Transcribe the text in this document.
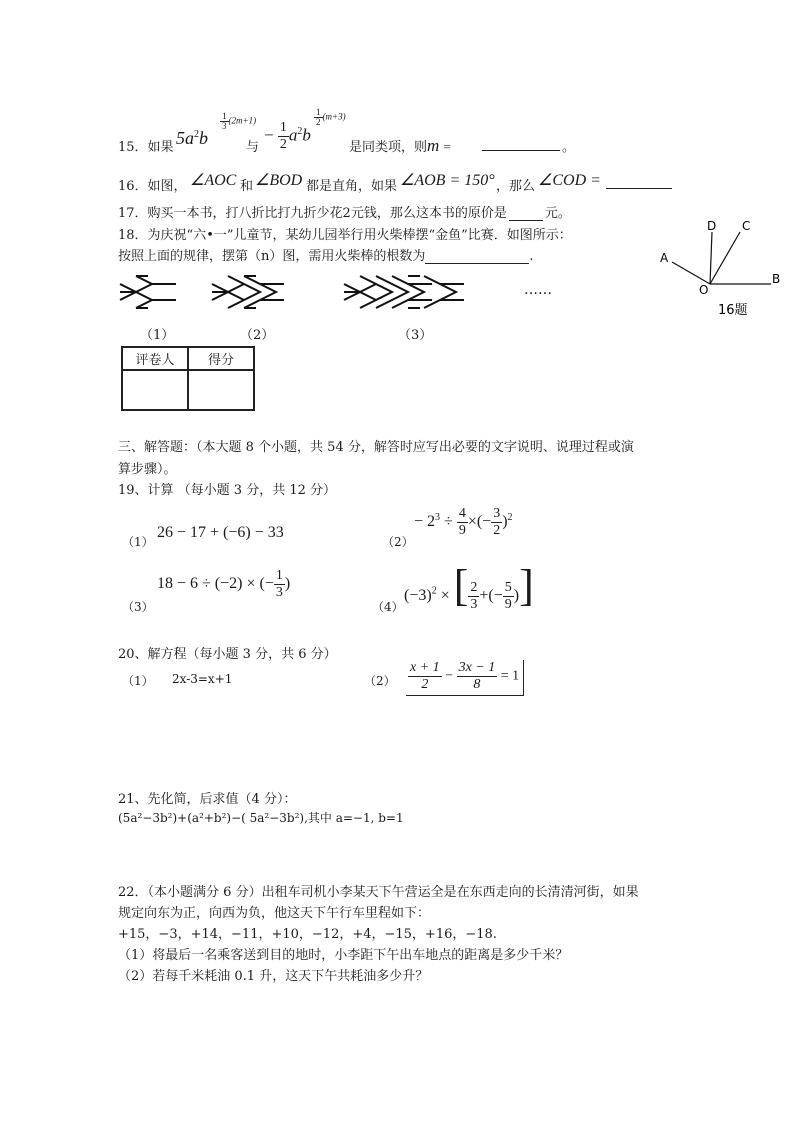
15．如果 $5a^2b$
$\frac{1}{3} (2m+1)$
与
− $\frac{1}{2} a^2b$
$\frac{1}{2} (m+3)$
是同类项，则m =	。
16．如图， ∠AOC 和 ∠BOD 都是直角，如果 ∠AOB = 150° ，那么 ∠COD =
17．购买一本书，打八折比打九折少花2元钱，那么这本书的原价是	元。
18．为庆祝“六•一”儿童节，某幼儿园举行用火柴棒摆“金鱼”比赛．如图所示：
按照上面的规律，摆第（n）图，需用火柴棒的根数为	.
……
（1）	（2）	（3）
A
B
C
D
O
16题
评卷人	得分

三、解答题：（本大题 8 个小题，共 54 分，解答时应写出必要的文字说明、说理过程或演
算步骤）。
19、计算 （每小题 3 分，共 12 分）
（1）
26 − 17 + (−6) − 33
（2）
− $2^3 \div \frac{4}{9}$ ×(− $\frac{3}{2} )^2$
（3）
18 − 6 ÷ (−2) × (− $\frac{1}{3}$ )
（4）
$(-3)^2$ × [ $\frac{2}{3}$ +(− $\frac{5}{9}$ )]
20、解方程（每小题 3 分，共 6 分）
（1） 2x-3=x+1	$(2) \frac{x + 1}{2} - \frac{3x - 1}{8} = 1$
21、先化简，后求值（4 分）：
(5a²−3b²)+(a²+b²)−( 5a²−3b²),其中 a=−1, b=1
22．（本小题满分 6 分）出租车司机小李某天下午营运全是在东西走向的长清清河街，如果
规定向东为正，向西为负，他这天下午行车里程如下：
+15，−3，+14，−11，+10，−12，+4，−15，+16，−18.
（1）将最后一名乘客送到目的地时，小李距下午出车地点的距离是多少千米？
（2）若每千米耗油 0.1 升，这天下午共耗油多少升？
